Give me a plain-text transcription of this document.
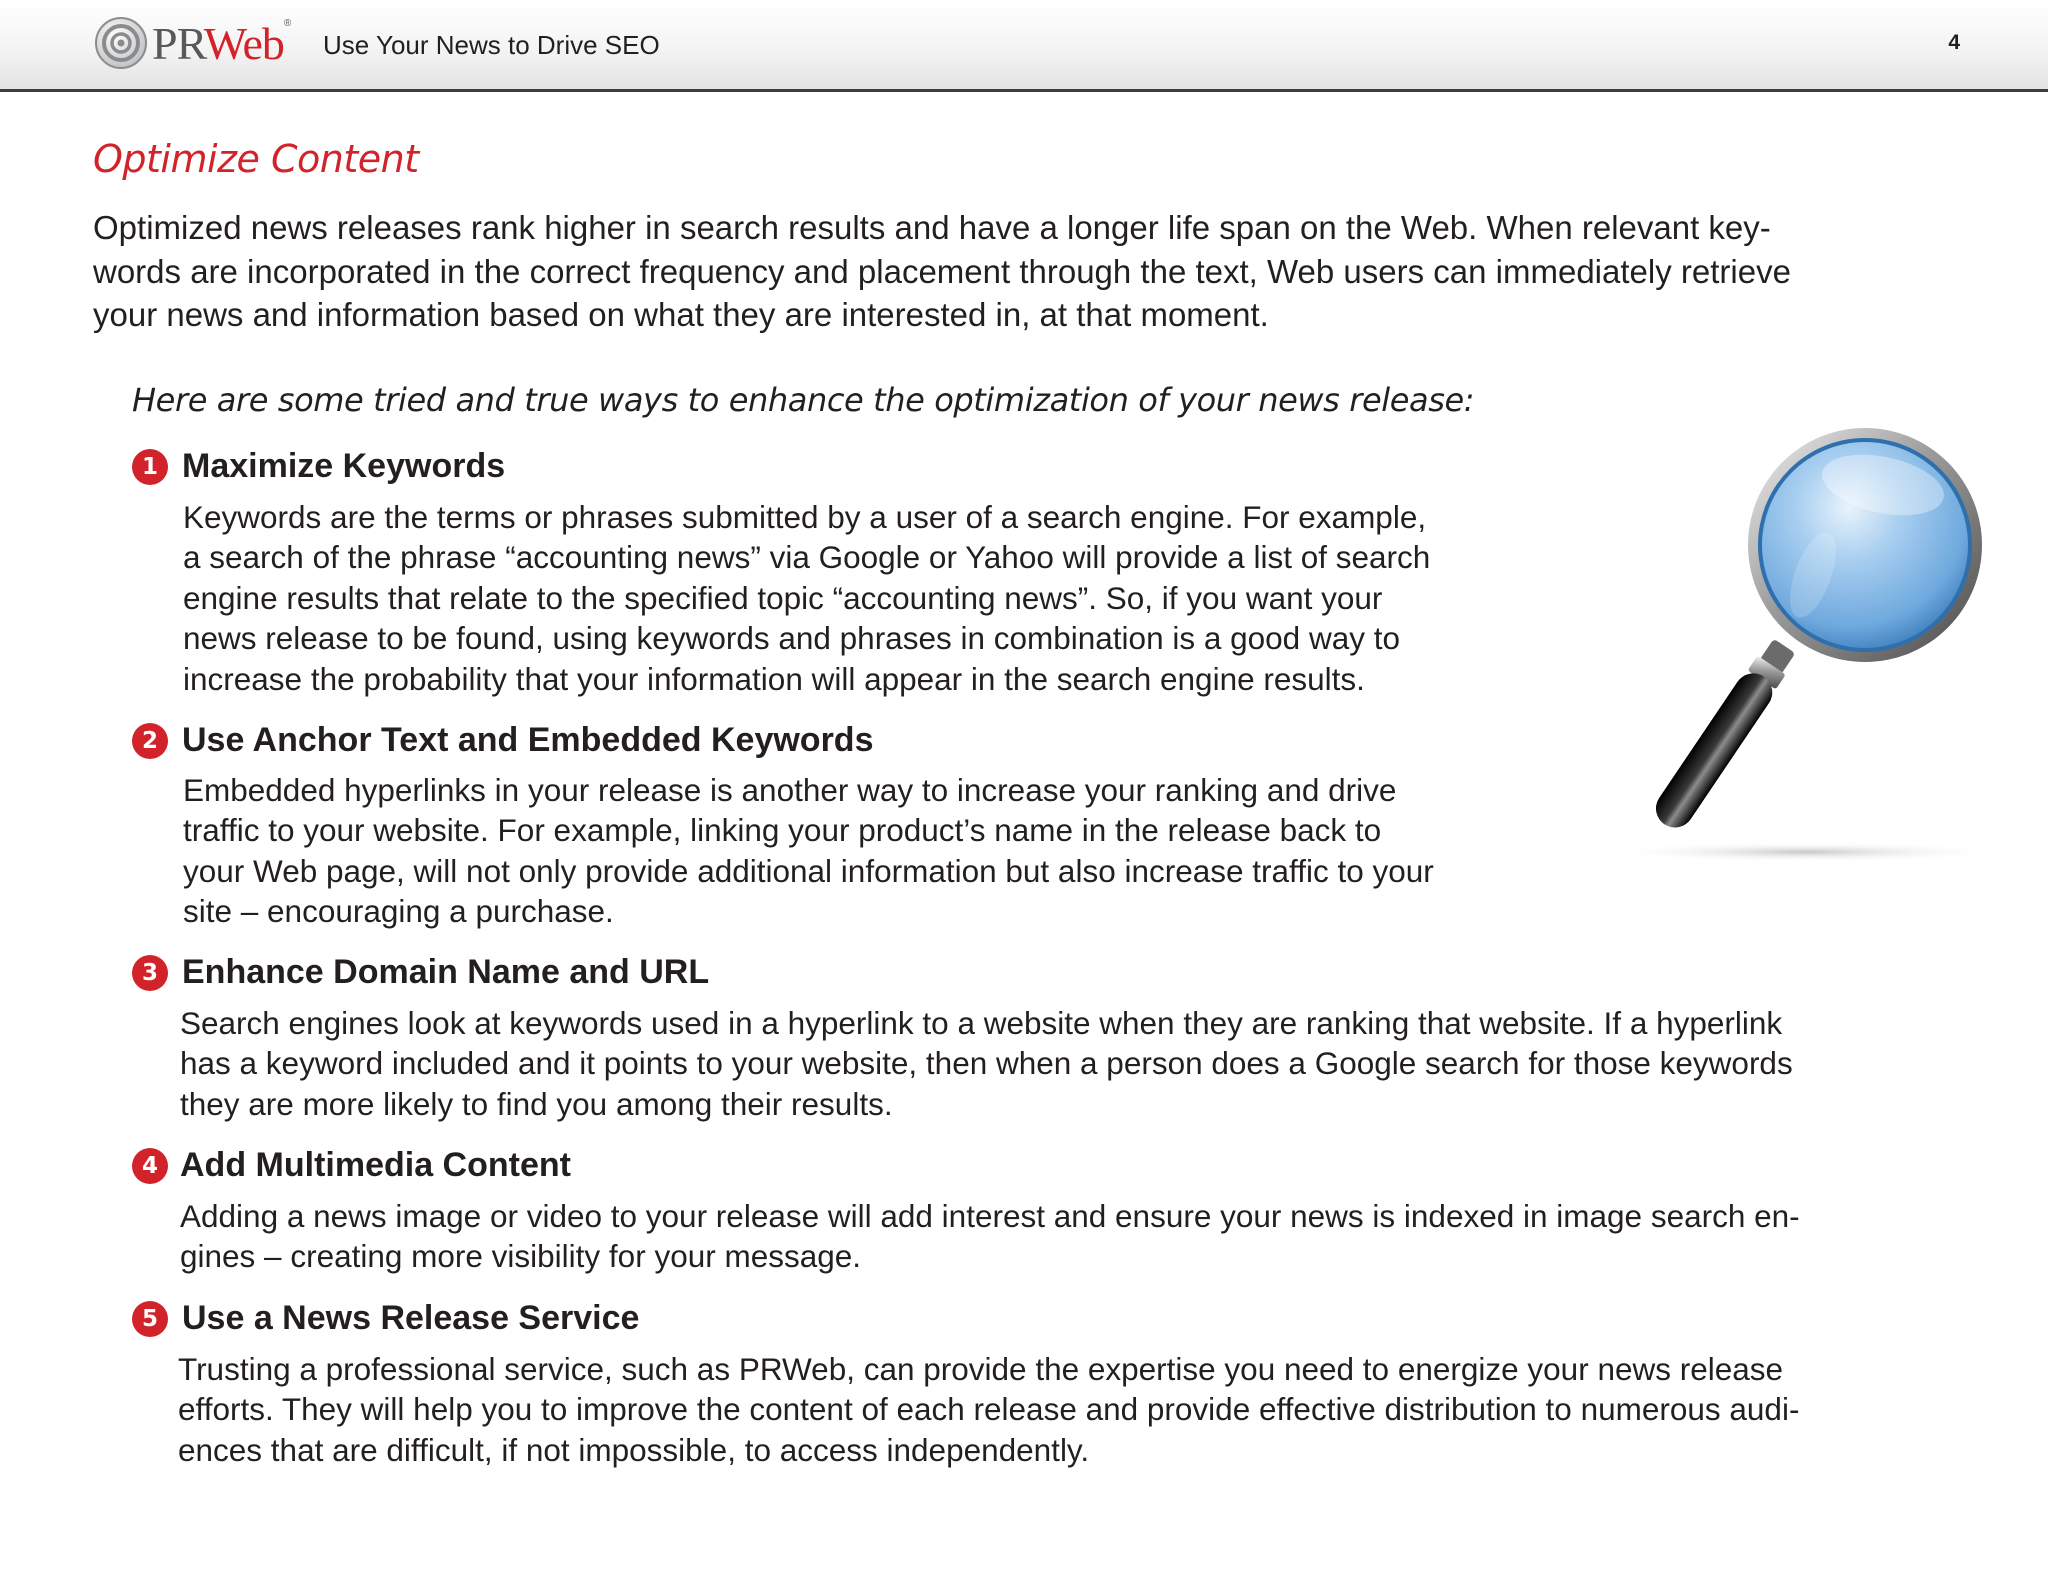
PRWeb®
Use Your News to Drive SEO	4
Optimize Content
Optimized news releases rank higher in search results and have a longer life span on the Web. When relevant key-
words are incorporated in the correct frequency and placement through the text, Web users can immediately retrieve
your news and information based on what they are interested in, at that moment.
Here are some tried and true ways to enhance the optimization of your news release:
1 Maximize Keywords
Keywords are the terms or phrases submitted by a user of a search engine. For example,
a search of the phrase “accounting news” via Google or Yahoo will provide a list of search
engine results that relate to the specified topic “accounting news”. So, if you want your
news release to be found, using keywords and phrases in combination is a good way to
increase the probability that your information will appear in the search engine results.
2 Use Anchor Text and Embedded Keywords
Embedded hyperlinks in your release is another way to increase your ranking and drive
traffic to your website. For example, linking your product’s name in the release back to
your Web page, will not only provide additional information but also increase traffic to your
site – encouraging a purchase.
3 Enhance Domain Name and URL
Search engines look at keywords used in a hyperlink to a website when they are ranking that website. If a hyperlink
has a keyword included and it points to your website, then when a person does a Google search for those keywords
they are more likely to find you among their results.
4 Add Multimedia Content
Adding a news image or video to your release will add interest and ensure your news is indexed in image search en-
gines – creating more visibility for your message.
5 Use a News Release Service
Trusting a professional service, such as PRWeb, can provide the expertise you need to energize your news release
efforts. They will help you to improve the content of each release and provide effective distribution to numerous audi-
ences that are difficult, if not impossible, to access independently.
